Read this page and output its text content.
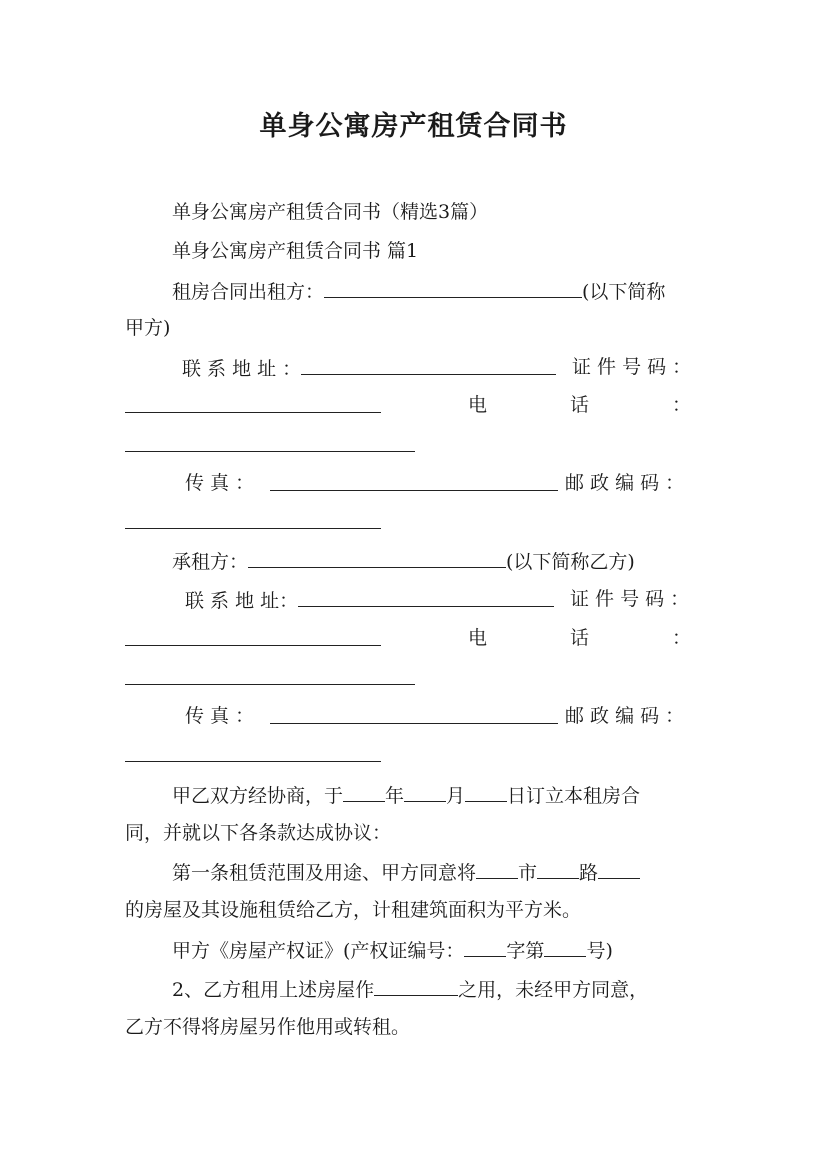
单身公寓房产租赁合同书
单身公寓房产租赁合同书（精选3篇）
单身公寓房产租赁合同书 篇1
租房合同出租方：	(以下简称
甲方)
联 系 地 址 ：	证 件 号 码 ：
电	话	：
传 真 ：	邮 政 编 码 ：
承租方：	(以下简称乙方)
联 系 地 址：	证 件 号 码 ：
电	话	：
传 真 ：	邮 政 编 码 ：
甲乙双方经协商，于 年 月 日订立本租房合
同，并就以下各条款达成协议：
第一条租赁范围及用途、甲方同意将 市 路
的房屋及其设施租赁给乙方，计租建筑面积为平方米。
甲方《房屋产权证》(产权证编号： 字第 号)
2、乙方租用上述房屋作	之用，未经甲方同意，
乙方不得将房屋另作他用或转租。
